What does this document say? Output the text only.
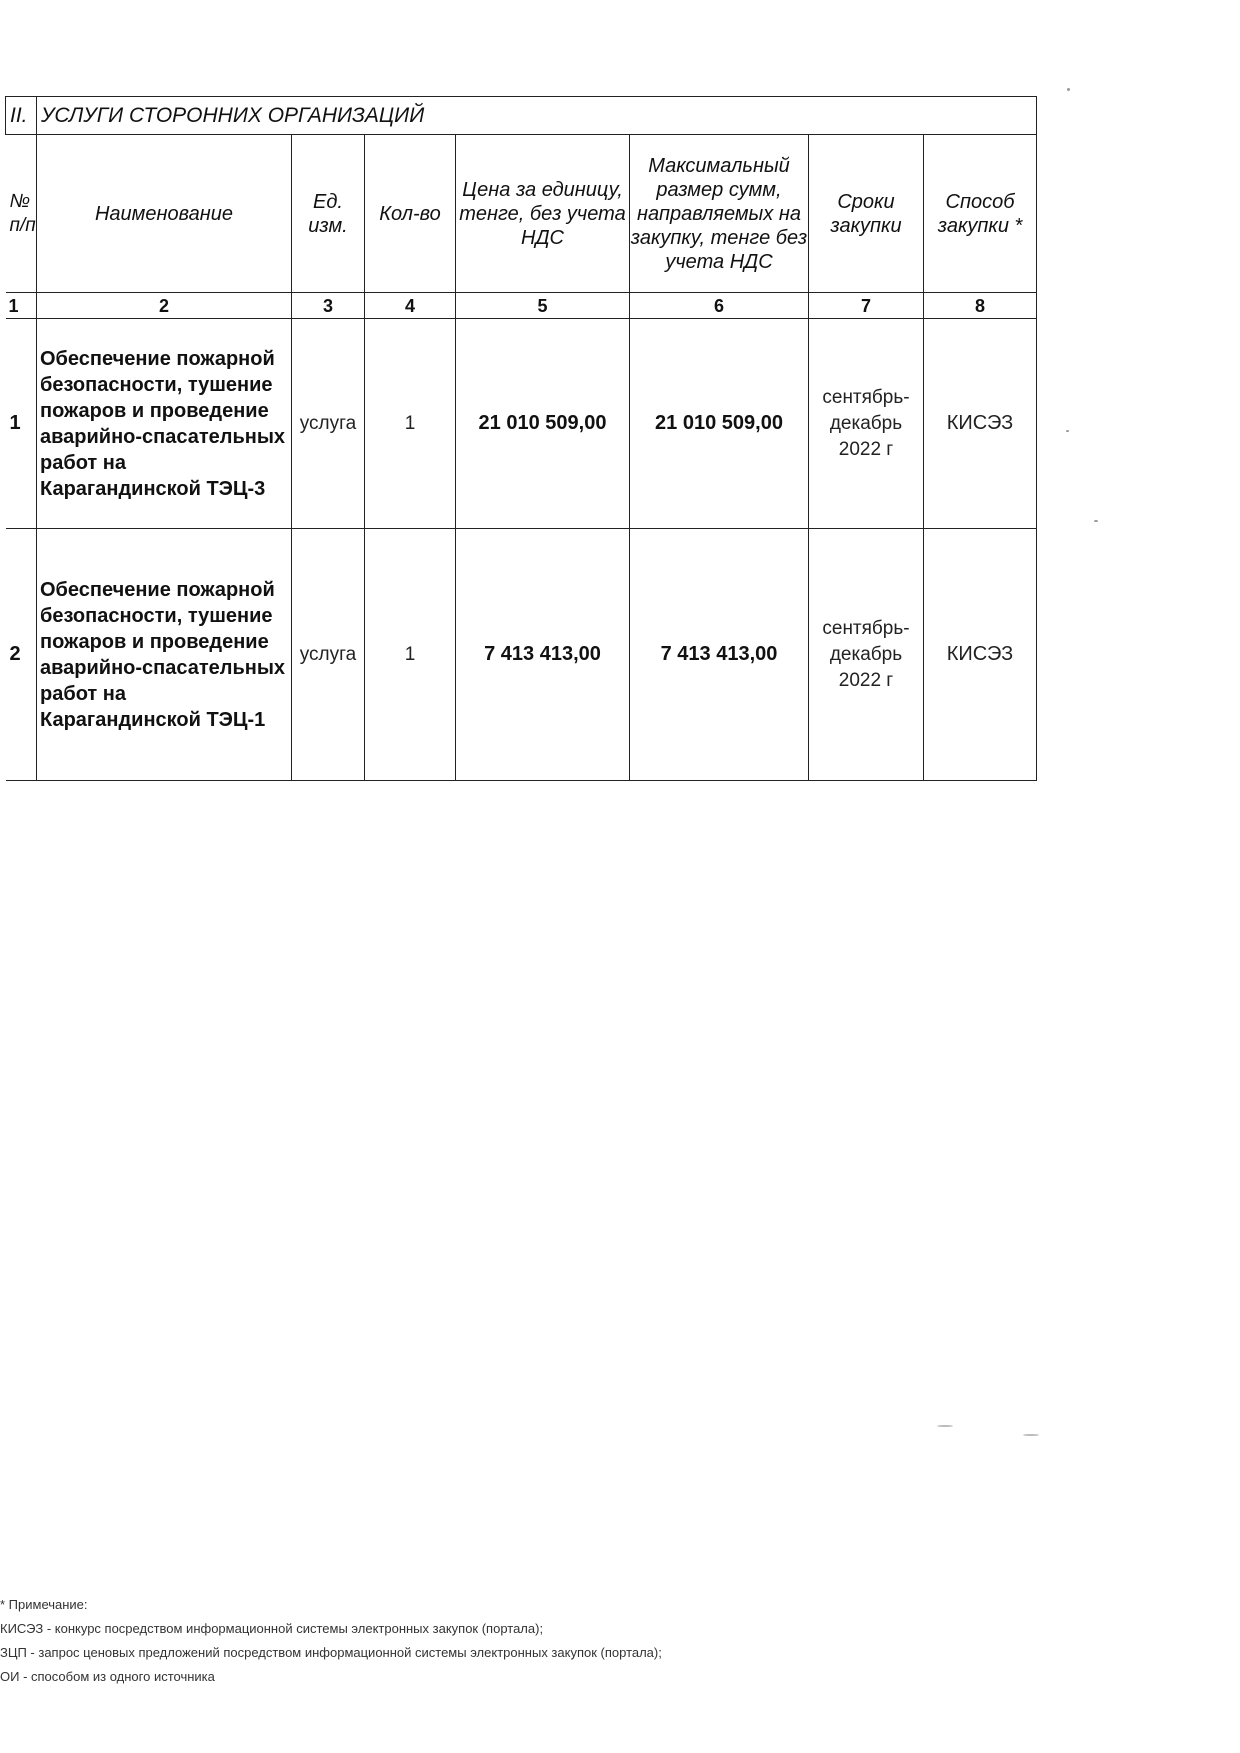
II.	УСЛУГИ СТОРОННИХ ОРГАНИЗАЦИЙ						
№ п/п	Наименование	Ед. изм.	Кол-во	Цена за единицу, тенге, без учета НДС	Максимальный размер сумм, направляемых на закупку, тенге без учета НДС	Сроки закупки	Способ закупки *
1	2	3	4	5	6	7	8
1	Обеспечение пожарной безопасности, тушение пожаров и проведение аварийно-спасательных работ на Карагандинской ТЭЦ-3	услуга	1	21 010 509,00	21 010 509,00	сентябрь-декабрь 2022 г	КИСЭЗ
2	Обеспечение пожарной безопасности, тушение пожаров и проведение аварийно-спасательных работ на Карагандинской ТЭЦ-1	услуга	1	7 413 413,00	7 413 413,00	сентябрь-декабрь 2022 г	КИСЭЗ
* Примечание:
КИСЭЗ - конкурс посредством информационной системы электронных закупок (портала);
ЗЦП - запрос ценовых предложений посредством информационной системы электронных закупок (портала);
ОИ - способом из одного источника
